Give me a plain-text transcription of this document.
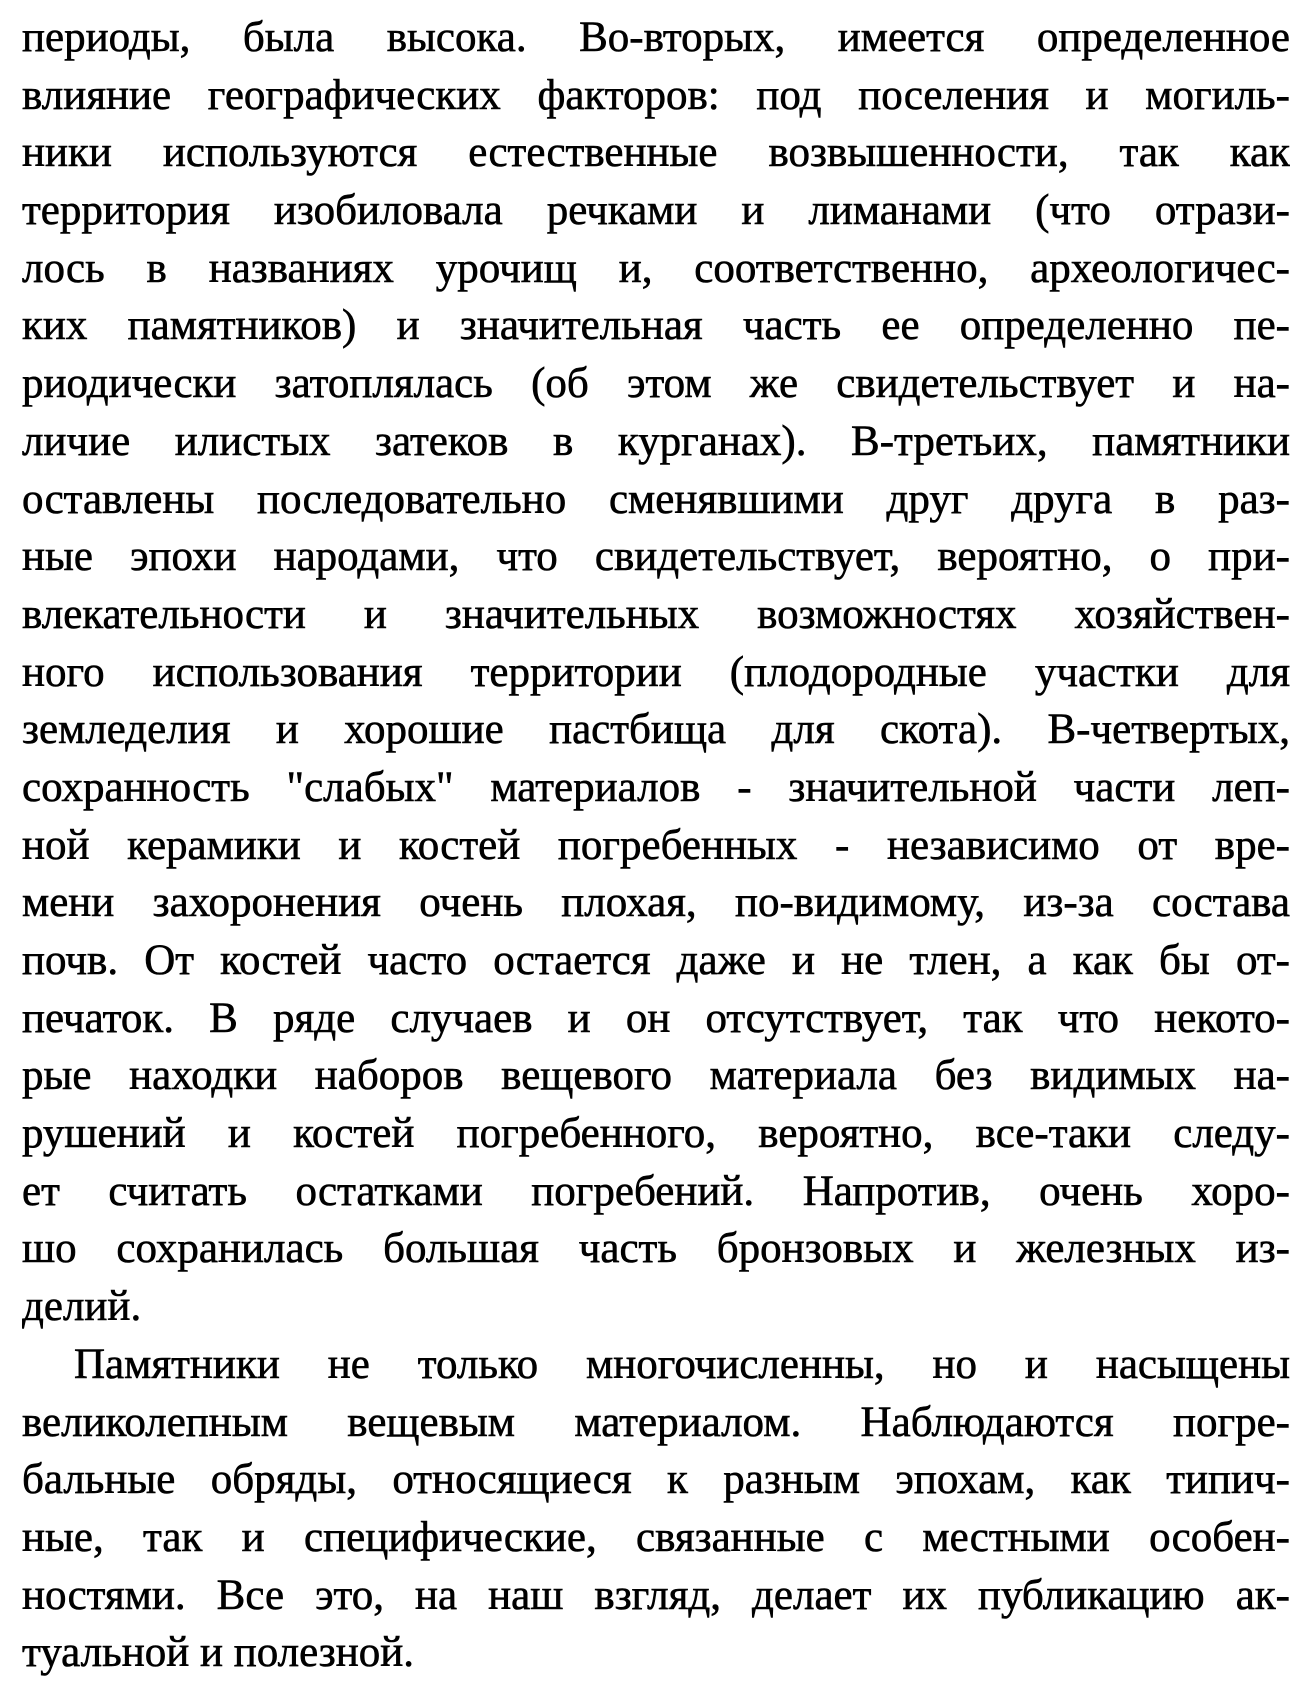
периоды, была высока. Во-вторых, имеется определенное
влияние географических факторов: под поселения и могиль-
ники используются естественные возвышенности, так как
территория изобиловала речками и лиманами (что отрази-
лось в названиях урочищ и, соответственно, археологичес-
ких памятников) и значительная часть ее определенно пе-
риодически затоплялась (об этом же свидетельствует и на-
личие илистых затеков в курганах). В-третьих, памятники
оставлены последовательно сменявшими друг друга в раз-
ные эпохи народами, что свидетельствует, вероятно, о при-
влекательности и значительных возможностях хозяйствен-
ного использования территории (плодородные участки для
земледелия и хорошие пастбища для скота). В-четвертых,
сохранность "слабых" материалов - значительной части леп-
ной керамики и костей погребенных - независимо от вре-
мени захоронения очень плохая, по-видимому, из-за состава
почв. От костей часто остается даже и не тлен, а как бы от-
печаток. В ряде случаев и он отсутствует, так что некото-
рые находки наборов вещевого материала без видимых на-
рушений и костей погребенного, вероятно, все-таки следу-
ет считать остатками погребений. Напротив, очень хоро-
шо сохранилась большая часть бронзовых и железных из-
делий.
Памятники не только многочисленны, но и насыщены
великолепным вещевым материалом. Наблюдаются погре-
бальные обряды, относящиеся к разным эпохам, как типич-
ные, так и специфические, связанные с местными особен-
ностями. Все это, на наш взгляд, делает их публикацию ак-
туальной и полезной.
